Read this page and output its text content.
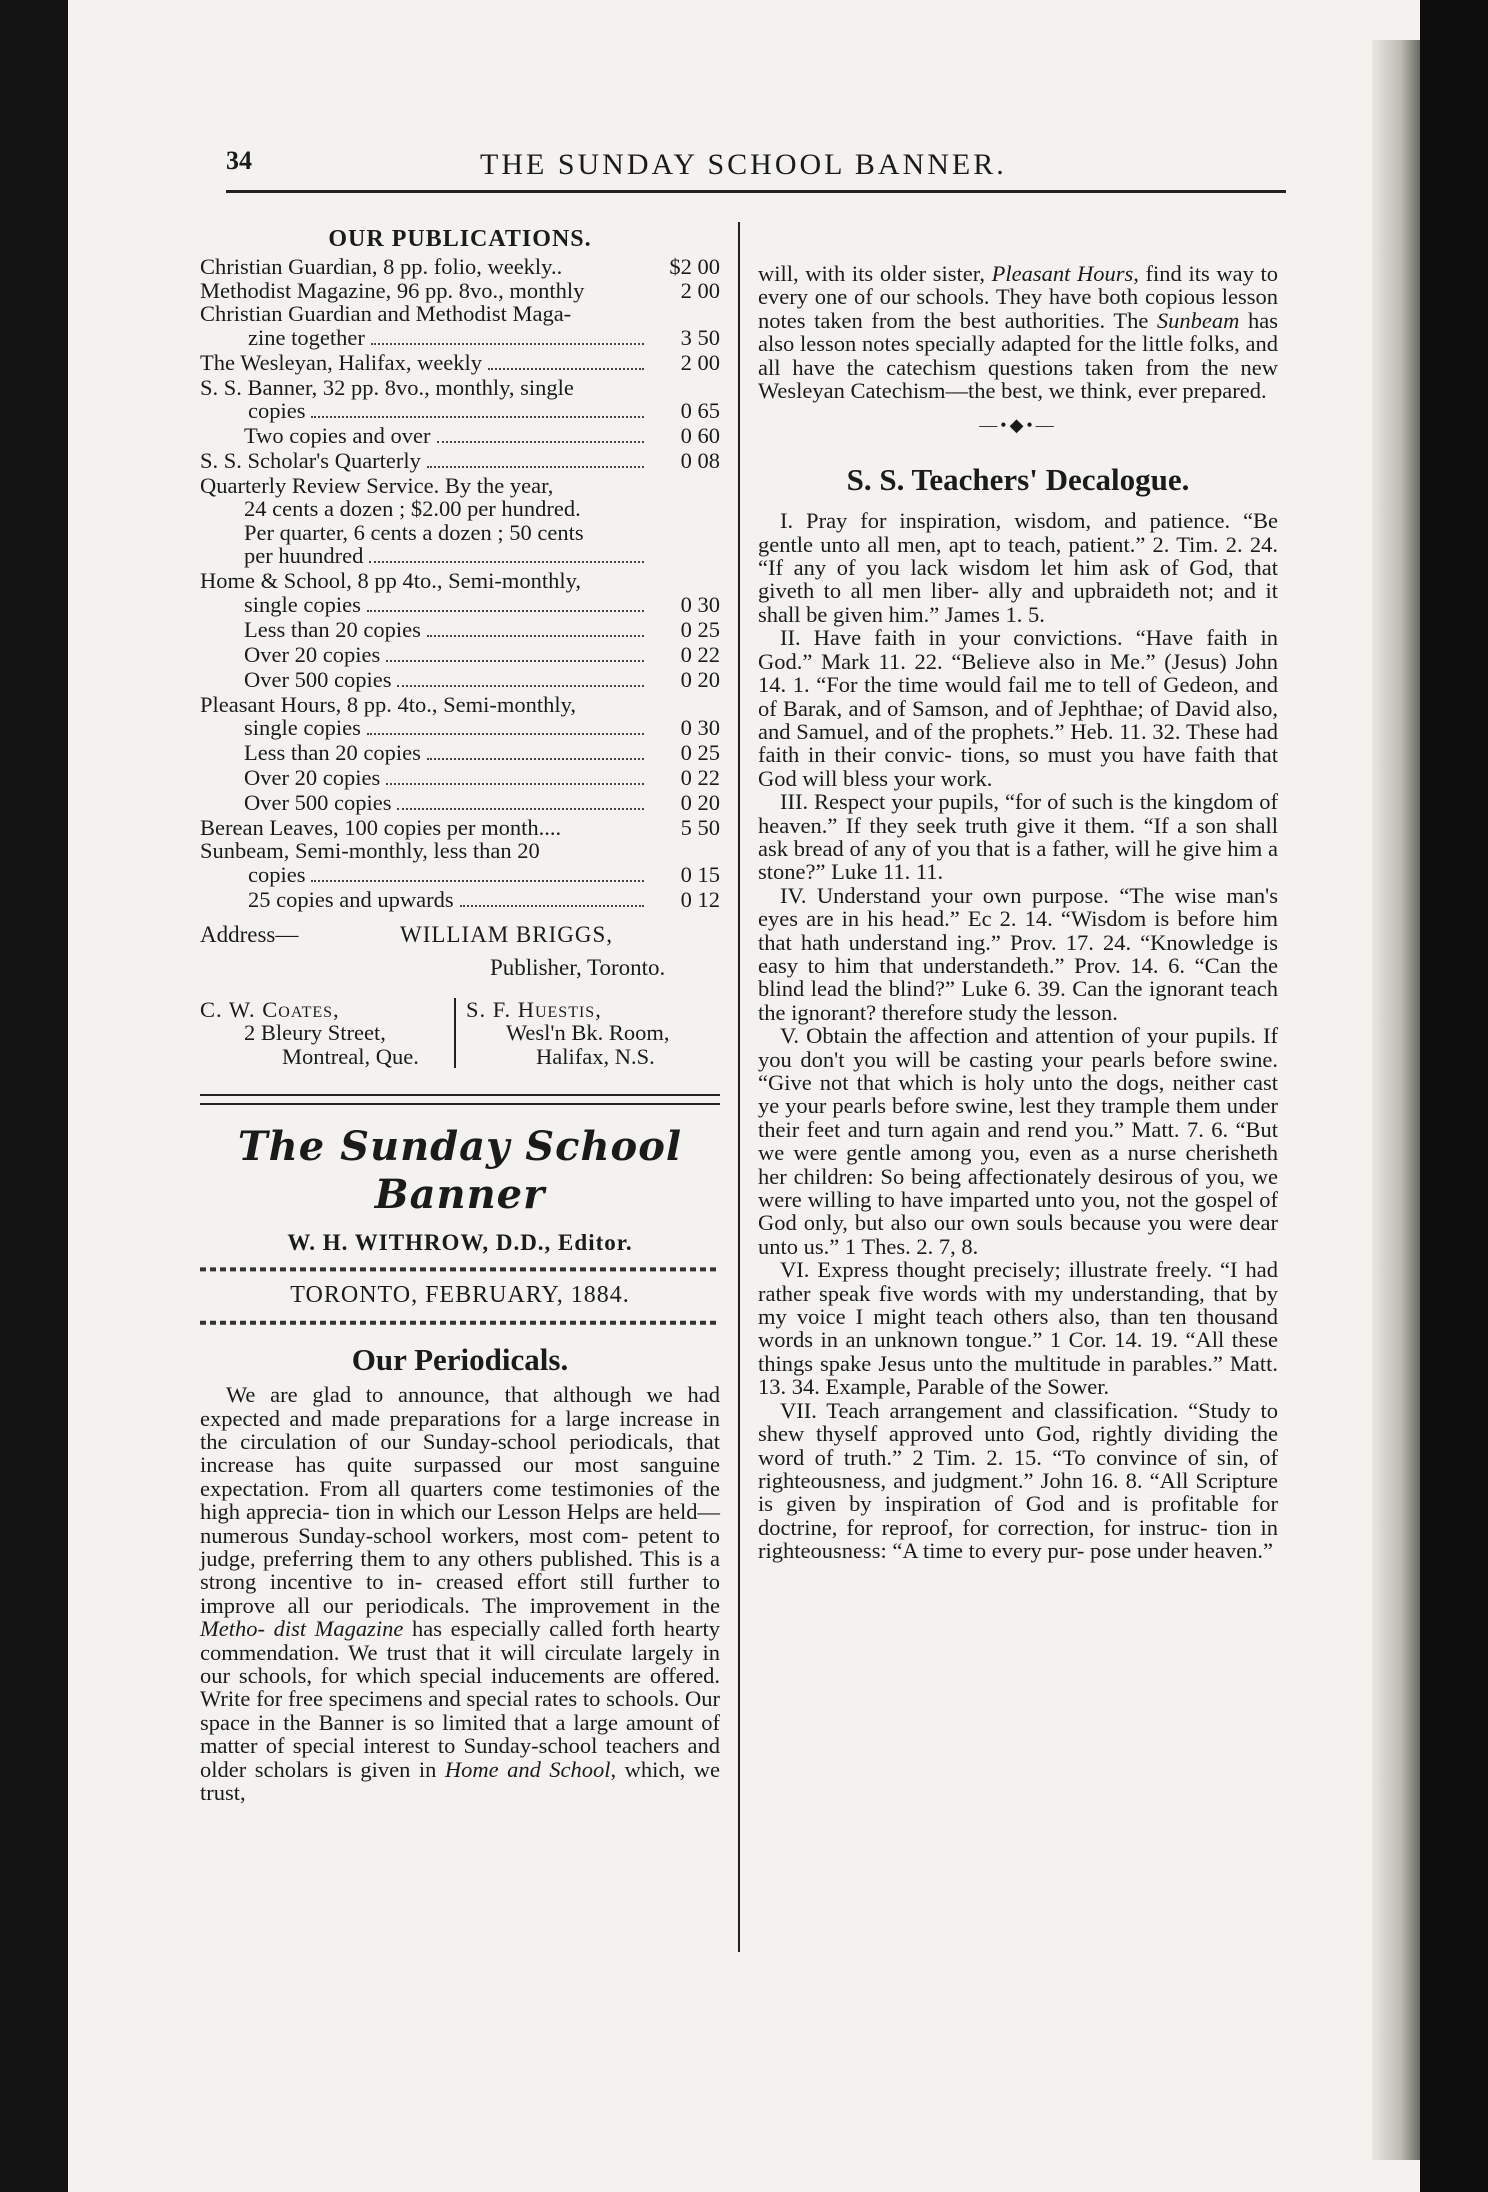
34	THE SUNDAY SCHOOL BANNER.
OUR PUBLICATIONS.
Christian Guardian, 8 pp. folio, weekly..	$2 00
Methodist Magazine, 96 pp. 8vo., monthly	2 00
Christian Guardian and Methodist Maga-
zine together	3 50
The Wesleyan, Halifax, weekly	2 00
S. S. Banner, 32 pp. 8vo., monthly, single
copies	0 65
Two copies and over	0 60
S. S. Scholar's Quarterly	0 08
Quarterly Review Service. By the year,
24 cents a dozen ; $2.00 per hundred.
Per quarter, 6 cents a dozen ; 50 cents
per huundred
Home & School, 8 pp 4to., Semi-monthly,
single copies	0 30
Less than 20 copies	0 25
Over 20 copies	0 22
Over 500 copies	0 20
Pleasant Hours, 8 pp. 4to., Semi-monthly,
single copies	0 30
Less than 20 copies	0 25
Over 20 copies	0 22
Over 500 copies	0 20
Berean Leaves, 100 copies per month....	5 50
Sunbeam, Semi-monthly, less than 20
copies	0 15
25 copies and upwards	0 12
Address—	WILLIAM BRIGGS,
Publisher, Toronto.
C. W. Coates,
2 Bleury Street,
Montreal, Que.
S. F. Huestis,
Wesl'n Bk. Room,
Halifax, N.S.
The Sunday School Banner
W. H. WITHROW, D.D., Editor.
TORONTO, FEBRUARY, 1884.
Our Periodicals.

We are glad to announce, that although we had expected and made preparations for a large increase in the circulation of our Sunday-school periodicals, that increase has quite surpassed our most sanguine expectation. From all quarters come testimonies of the high apprecia- tion in which our Lesson Helps are held—numerous Sunday-school workers, most com- petent to judge, preferring them to any others published. This is a strong incentive to in- creased effort still further to improve all our periodicals. The improvement in the Metho- dist Magazine has especially called forth hearty commendation. We trust that it will circulate largely in our schools, for which special inducements are offered. Write for free specimens and special rates to schools. Our space in the Banner is so limited that a large amount of matter of special interest to Sunday-school teachers and older scholars is given in Home and School, which, we trust,

will, with its older sister, Pleasant Hours, find its way to every one of our schools. They have both copious lesson notes taken from the best authorities. The Sunbeam has also lesson notes specially adapted for the little folks, and all have the catechism questions taken from the new Wesleyan Catechism—the best, we think, ever prepared.

—•◆•—
S. S. Teachers' Decalogue.

I. Pray for inspiration, wisdom, and patience. “Be gentle unto all men, apt to teach, patient.” 2. Tim. 2. 24. “If any of you lack wisdom let him ask of God, that giveth to all men liber- ally and upbraideth not; and it shall be given him.” James 1. 5.

II. Have faith in your convictions. “Have faith in God.” Mark 11. 22. “Believe also in Me.” (Jesus) John 14. 1. “For the time would fail me to tell of Gedeon, and of Barak, and of Samson, and of Jephthae; of David also, and Samuel, and of the prophets.” Heb. 11. 32. These had faith in their convic- tions, so must you have faith that God will bless your work.

III. Respect your pupils, “for of such is the kingdom of heaven.” If they seek truth give it them. “If a son shall ask bread of any of you that is a father, will he give him a stone?” Luke 11. 11.

IV. Understand your own purpose. “The wise man's eyes are in his head.” Ec 2. 14. “Wisdom is before him that hath understand ing.” Prov. 17. 24. “Knowledge is easy to him that understandeth.” Prov. 14. 6. “Can the blind lead the blind?” Luke 6. 39. Can the ignorant teach the ignorant? therefore study the lesson.

V. Obtain the affection and attention of your pupils. If you don't you will be casting your pearls before swine. “Give not that which is holy unto the dogs, neither cast ye your pearls before swine, lest they trample them under their feet and turn again and rend you.” Matt. 7. 6. “But we were gentle among you, even as a nurse cherisheth her children: So being affectionately desirous of you, we were willing to have imparted unto you, not the gospel of God only, but also our own souls because you were dear unto us.” 1 Thes. 2. 7, 8.

VI. Express thought precisely; illustrate freely. “I had rather speak five words with my understanding, that by my voice I might teach others also, than ten thousand words in an unknown tongue.” 1 Cor. 14. 19. “All these things spake Jesus unto the multitude in parables.” Matt. 13. 34. Example, Parable of the Sower.

VII. Teach arrangement and classification. “Study to shew thyself approved unto God, rightly dividing the word of truth.” 2 Tim. 2. 15. “To convince of sin, of righteousness, and judgment.” John 16. 8. “All Scripture is given by inspiration of God and is profitable for doctrine, for reproof, for correction, for instruc- tion in righteousness: “A time to every pur- pose under heaven.”
